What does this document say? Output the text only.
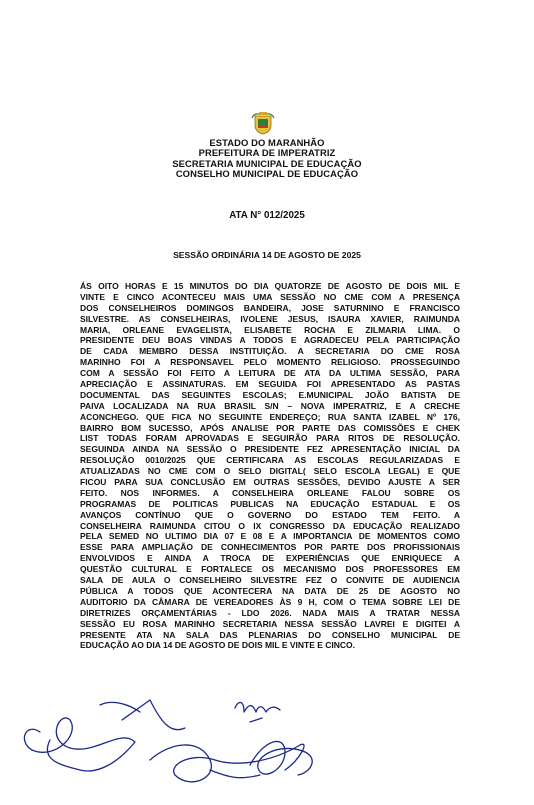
ESTADO DO MARANHÃO
PREFEITURA DE IMPERATRIZ
SECRETARIA MUNICIPAL DE EDUCAÇÃO
CONSELHO MUNICIPAL DE EDUCAÇÃO
ATA N° 012/2025
SESSÃO ORDINÁRIA 14 DE AGOSTO DE 2025
ÁS OITO HORAS E 15 MINUTOS DO DIA QUATORZE DE AGOSTO DE DOIS MIL E
VINTE E CINCO ACONTECEU MAIS UMA SESSÃO NO CME COM A PRESENÇA
DOS CONSELHEIROS DOMINGOS BANDEIRA, JOSE SATURNINO E FRANCISCO
SILVESTRE. AS CONSELHEIRAS, IVOLENE JESUS, ISAURA XAVIER, RAIMUNDA
MARIA, ORLEANE EVAGELISTA, ELISABETE ROCHA E ZILMARIA LIMA. O
PRESIDENTE DEU BOAS VINDAS A TODOS E AGRADECEU PELA PARTICIPAÇÃO
DE CADA MEMBRO DESSA INSTITUIÇÃO. A SECRETARIA DO CME ROSA
MARINHO FOI A RESPONSAVEL PELO MOMENTO RELIGIOSO. PROSSEGUINDO
COM A SESSÃO FOI FEITO A LEITURA DE ATA DA ULTIMA SESSÃO, PARA
APRECIAÇÃO E ASSINATURAS. EM SEGUIDA FOI APRESENTADO AS PASTAS
DOCUMENTAL DAS SEGUINTES ESCOLAS; E.MUNICIPAL JOÃO BATISTA DE
PAIVA LOCALIZADA NA RUA BRASIL S/N – NOVA IMPERATRIZ, E A CRECHE
ACONCHEGO. QUE FICA NO SEGUINTE ENDEREÇO; RUA SANTA IZABEL Nº 176,
BAIRRO BOM SUCESSO, APÓS ANALISE POR PARTE DAS COMISSÕES E CHEK
LIST TODAS FORAM APROVADAS E SEGUIRÃO PARA RITOS DE RESOLUÇÃO.
SEGUINDA AINDA NA SESSÃO O PRESIDENTE FEZ APRESENTAÇÃO INICIAL DA
RESOLUÇÃO 0010/2025 QUE CERTIFICARA AS ESCOLAS REGULARIZADAS E
ATUALIZADAS NO CME COM O SELO DIGITAL( SELO ESCOLA LEGAL) E QUE
FICOU PARA SUA CONCLUSÃO EM OUTRAS SESSÕES, DEVIDO AJUSTE A SER
FEITO. NOS INFORMES. A CONSELHEIRA ORLEANE FALOU SOBRE OS
PROGRAMAS DE POLITICAS PUBLICAS NA EDUCAÇÃO ESTADUAL E OS
AVANÇOS CONTÍNUO QUE O GOVERNO DO ESTADO TEM FEITO. A
CONSELHEIRA RAIMUNDA CITOU O IX CONGRESSO DA EDUCAÇÃO REALIZADO
PELA SEMED NO ULTIMO DIA 07 E 08 E A IMPORTANCIA DE MOMENTOS COMO
ESSE PARA AMPLIAÇÃO DE CONHECIMENTOS POR PARTE DOS PROFISSIONAIS
ENVOLVIDOS E AINDA A TROCA DE EXPERIÊNCIAS QUE ENRIQUECE A
QUESTÃO CULTURAL E FORTALECE OS MECANISMO DOS PROFESSORES EM
SALA DE AULA O CONSELHEIRO SILVESTRE FEZ O CONVITE DE AUDIENCIA
PÚBLICA A TODOS QUE ACONTECERA NA DATA DE 25 DE AGOSTO NO
AUDITORIO DA CÂMARA DE VEREADORES ÀS 9 H, COM O TEMA SOBRE LEI DE
DIRETRIZES ORÇAMENTÁRIAS - LDO 2026. NADA MAIS A TRATAR NESSA
SESSÃO EU ROSA MARINHO SECRETARIA NESSA SESSÃO LAVREI E DIGITEI A
PRESENTE ATA NA SALA DAS PLENARIAS DO CONSELHO MUNICIPAL DE
EDUCAÇÃO AO DIA 14 DE AGOSTO DE DOIS MIL E VINTE E CINCO.
